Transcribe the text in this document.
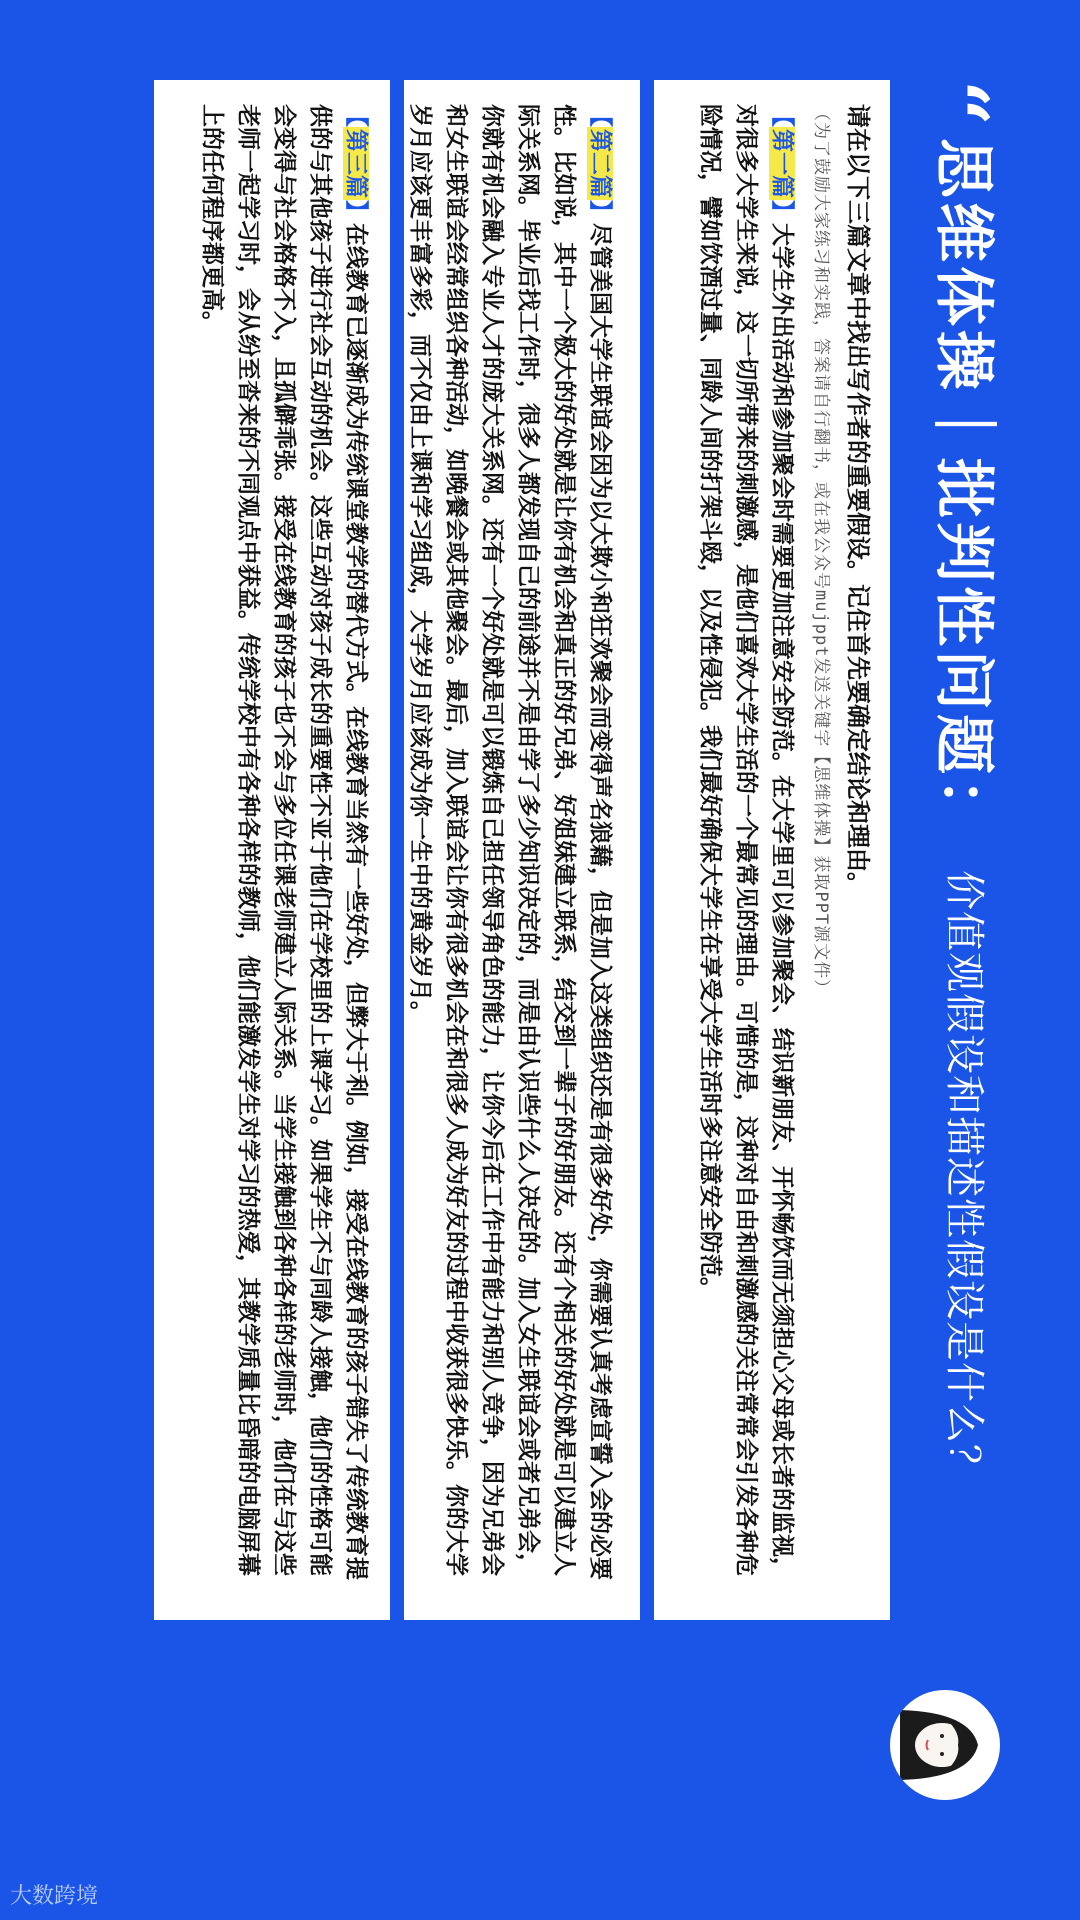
“
思维体操｜批判性问题：
价值观假设和描述性假设是什么？

请在以下三篇文章中找出写作者的重要假设。记住首先要确定结论和理由。

（为了鼓励大家练习和实践，答案请自行翻书，或在我公众号mujppt发送关键字【思维体操】获取PPT源文件）

【第一篇】大学生外出活动和参加聚会时需要更加注意安全防范。在大学里可以参加聚会、结识新朋友、开怀畅饮而无须担心父母或长者的监视，对很多大学生来说，这一切所带来的刺激感，是他们喜欢大学生活的一个最常见的理由。可惜的是，这种对自由和刺激感的关注常常会引发各种危险情况，譬如饮酒过量、同龄人间的打架斗殴，以及性侵犯。我们最好确保大学生在享受大学生活时多注意安全防范。

【第二篇】尽管美国大学生联谊会因为以大欺小和狂欢聚会而变得声名狼藉，但是加入这类组织还是有很多好处，你需要认真考虑宣誓入会的必要性。比如说，其中一个极大的好处就是让你有机会和真正的好兄弟、好姐妹建立联系，结交到一辈子的好朋友。还有个相关的好处就是可以建立人际关系网。毕业后找工作时，很多人都发现自己的前途并不是由学了多少知识决定的，而是由认识些什么人决定的。加入女生联谊会或者兄弟会，你就有机会融入专业人才的庞大关系网。还有一个好处就是可以锻炼自己担任领导角色的能力，让你今后在工作中有能力和别人竞争，因为兄弟会和女生联谊会经常组织各种活动，如晚餐会或其他聚会。最后，加入联谊会让你有很多机会在和很多人成为好友的过程中收获很多快乐。你的大学岁月应该更丰富多彩，而不仅由上课和学习组成，大学岁月应该成为你一生中的黄金岁月。

【第三篇】在线教育已逐渐成为传统课堂教学的替代方式。在线教育当然有一些好处，但弊大于利。例如，接受在线教育的孩子错失了传统教育提供的与其他孩子进行社会互动的机会。这些互动对孩子成长的重要性不亚于他们在学校里的上课学习。如果学生不与同龄人接触，他们的性格可能会变得与社会格格不入，且孤僻乖张。接受在线教育的孩子也不会与多位任课老师建立人际关系。当学生接触到各种各样的老师时，他们在与这些老师一起学习时，会从纷至沓来的不同观点中获益。传统学校中有各种各样的教师，他们能激发学生对学习的热爱，其教学质量比昏暗的电脑屏幕上的任何程序都更高。

大数跨境
